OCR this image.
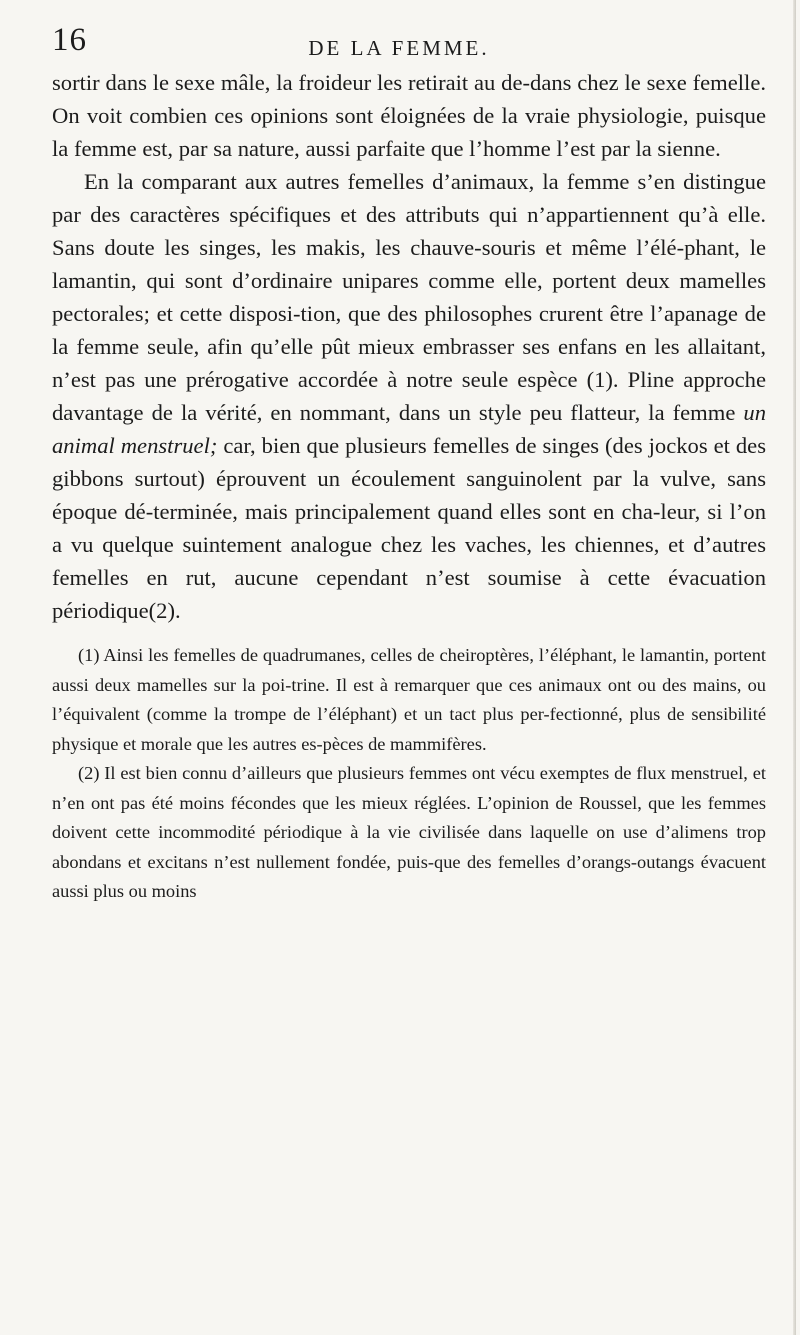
16	DE LA FEMME.

sortir dans le sexe mâle, la froideur les retirait au de-dans chez le sexe femelle. On voit combien ces opinions sont éloignées de la vraie physiologie, puisque la femme est, par sa nature, aussi parfaite que l’homme l’est par la sienne.

En la comparant aux autres femelles d’animaux, la femme s’en distingue par des caractères spécifiques et des attributs qui n’appartiennent qu’à elle. Sans doute les singes, les makis, les chauve-souris et même l’élé-phant, le lamantin, qui sont d’ordinaire unipares comme elle, portent deux mamelles pectorales; et cette disposi-tion, que des philosophes crurent être l’apanage de la femme seule, afin qu’elle pût mieux embrasser ses enfans en les allaitant, n’est pas une prérogative accordée à notre seule espèce (1). Pline approche davantage de la vérité, en nommant, dans un style peu flatteur, la femme un animal menstruel; car, bien que plusieurs femelles de singes (des jockos et des gibbons surtout) éprouvent un écoulement sanguinolent par la vulve, sans époque dé-terminée, mais principalement quand elles sont en cha-leur, si l’on a vu quelque suintement analogue chez les vaches, les chiennes, et d’autres femelles en rut, aucune cependant n’est soumise à cette évacuation périodique(2).

(1) Ainsi les femelles de quadrumanes, celles de cheiroptères, l’éléphant, le lamantin, portent aussi deux mamelles sur la poi-trine. Il est à remarquer que ces animaux ont ou des mains, ou l’équivalent (comme la trompe de l’éléphant) et un tact plus per-fectionné, plus de sensibilité physique et morale que les autres es-pèces de mammifères.

(2) Il est bien connu d’ailleurs que plusieurs femmes ont vécu exemptes de flux menstruel, et n’en ont pas été moins fécondes que les mieux réglées. L’opinion de Roussel, que les femmes doivent cette incommodité périodique à la vie civilisée dans laquelle on use d’alimens trop abondans et excitans n’est nullement fondée, puis-que des femelles d’orangs-outangs évacuent aussi plus ou moins
